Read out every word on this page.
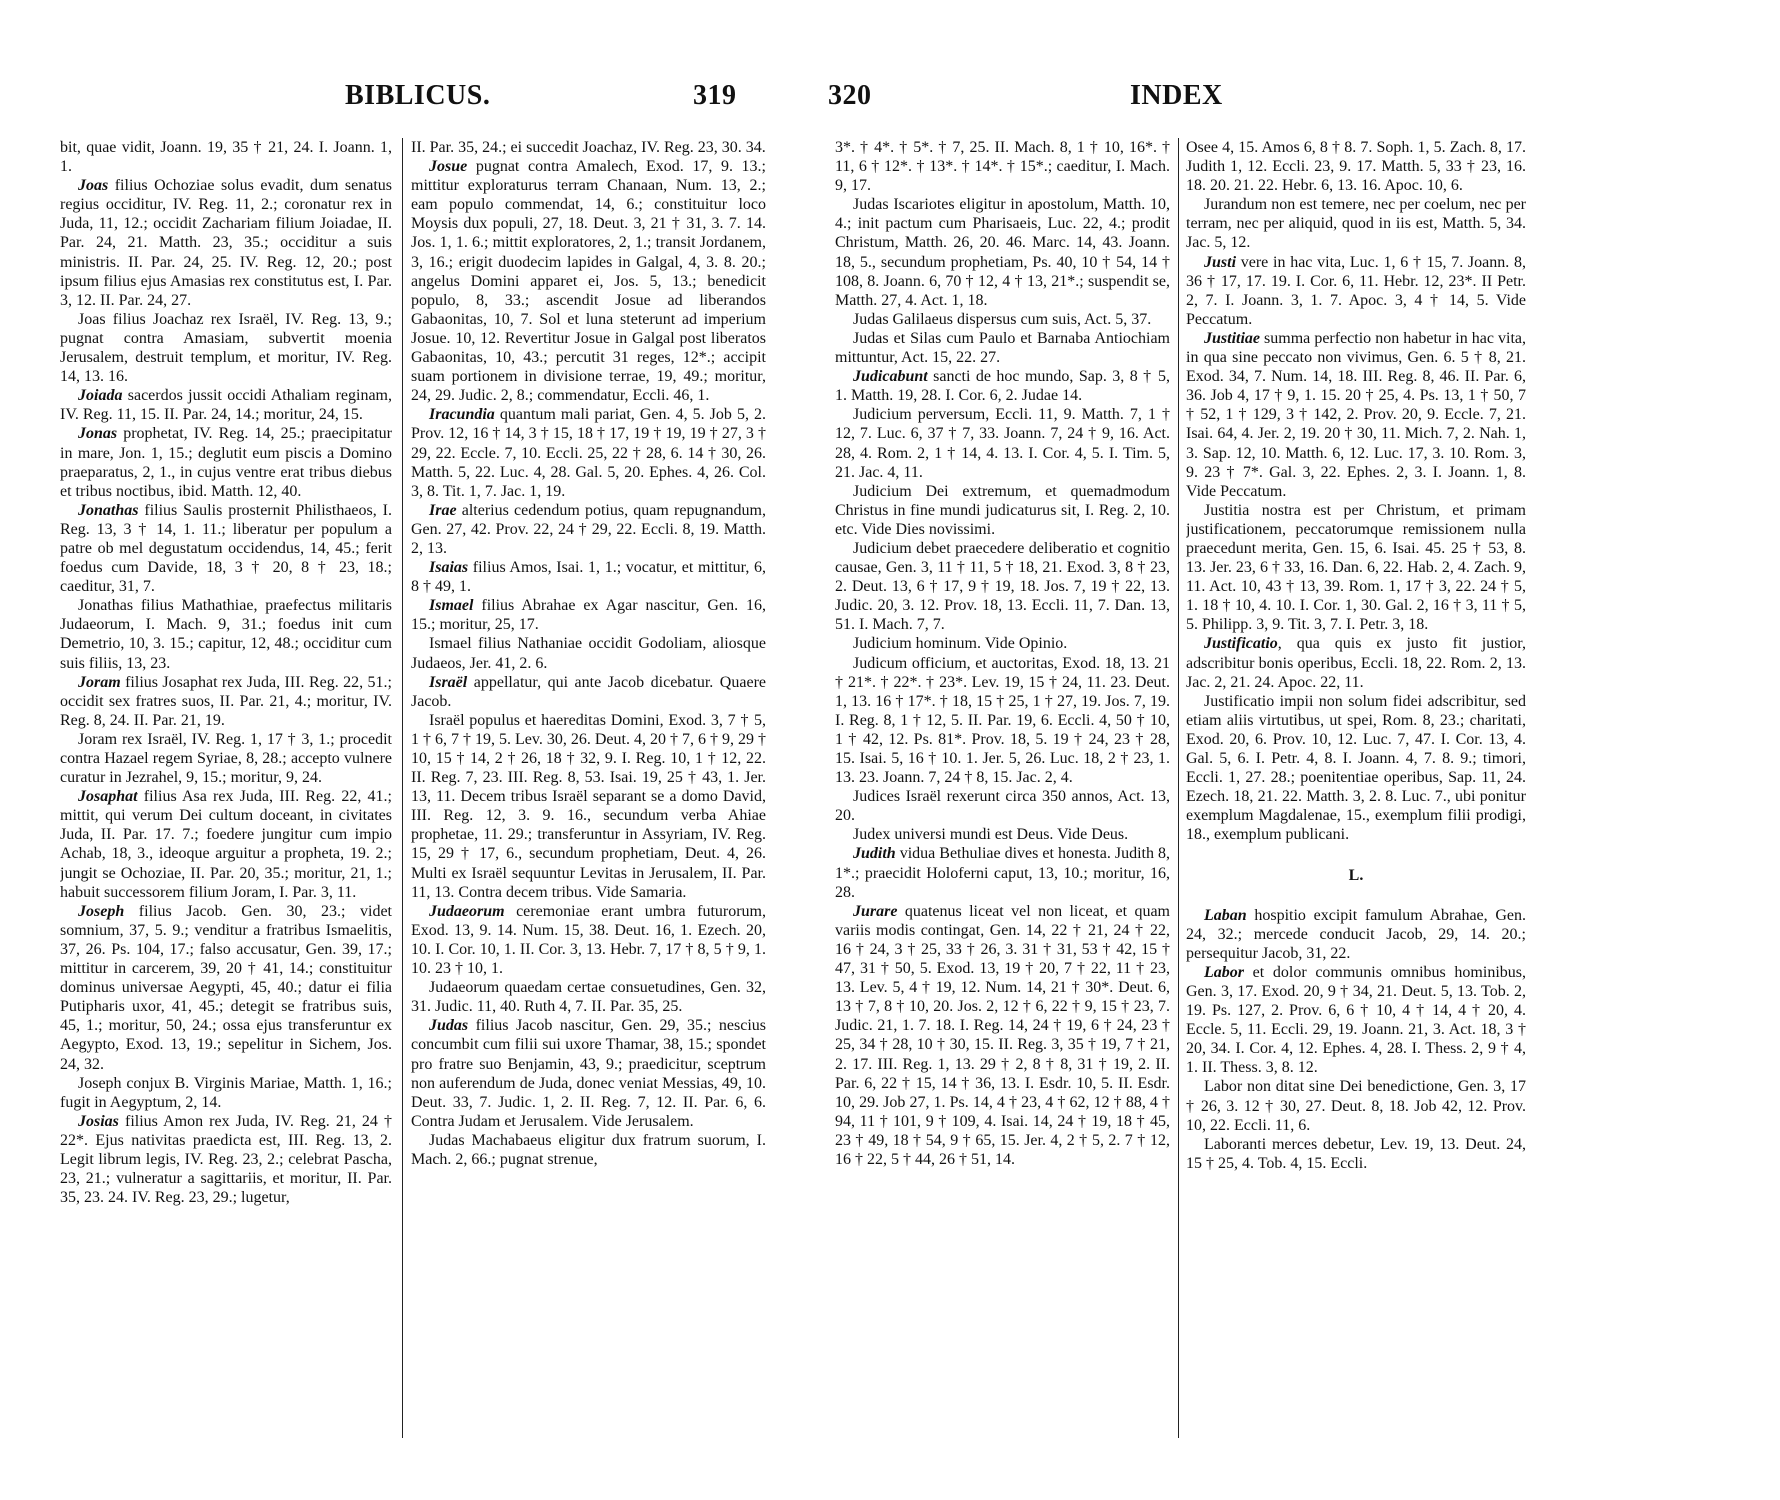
BIBLICUS.	319

bit, quae vidit, Joann. 19, 35 † 21, 24. I. Joann. 1, 1.

Joas filius Ochoziae solus evadit, dum senatus regius occiditur, IV. Reg. 11, 2.; coronatur rex in Juda, 11, 12.; occidit Zachariam filium Joiadae, II. Par. 24, 21. Matth. 23, 35.; occiditur a suis ministris. II. Par. 24, 25. IV. Reg. 12, 20.; post ipsum filius ejus Amasias rex constitutus est, I. Par. 3, 12. II. Par. 24, 27.

Joas filius Joachaz rex Israël, IV. Reg. 13, 9.; pugnat contra Amasiam, subvertit moenia Jerusalem, destruit templum, et moritur, IV. Reg. 14, 13. 16.

Joiada sacerdos jussit occidi Athaliam reginam, IV. Reg. 11, 15. II. Par. 24, 14.; moritur, 24, 15.

Jonas prophetat, IV. Reg. 14, 25.; praecipitatur in mare, Jon. 1, 15.; deglutit eum piscis a Domino praeparatus, 2, 1., in cujus ventre erat tribus diebus et tribus noctibus, ibid. Matth. 12, 40.

Jonathas filius Saulis prosternit Philisthaeos, I. Reg. 13, 3 † 14, 1. 11.; liberatur per populum a patre ob mel degustatum occidendus, 14, 45.; ferit foedus cum Davide, 18, 3 † 20, 8 † 23, 18.; caeditur, 31, 7.

Jonathas filius Mathathiae, praefectus militaris Judaeorum, I. Mach. 9, 31.; foedus init cum Demetrio, 10, 3. 15.; capitur, 12, 48.; occiditur cum suis filiis, 13, 23.

Joram filius Josaphat rex Juda, III. Reg. 22, 51.; occidit sex fratres suos, II. Par. 21, 4.; moritur, IV. Reg. 8, 24. II. Par. 21, 19.

Joram rex Israël, IV. Reg. 1, 17 † 3, 1.; procedit contra Hazael regem Syriae, 8, 28.; accepto vulnere curatur in Jezrahel, 9, 15.; moritur, 9, 24.

Josaphat filius Asa rex Juda, III. Reg. 22, 41.; mittit, qui verum Dei cultum doceant, in civitates Juda, II. Par. 17. 7.; foedere jungitur cum impio Achab, 18, 3., ideoque arguitur a propheta, 19. 2.; jungit se Ochoziae, II. Par. 20, 35.; moritur, 21, 1.; habuit successorem filium Joram, I. Par. 3, 11.

Joseph filius Jacob. Gen. 30, 23.; videt somnium, 37, 5. 9.; venditur a fratribus Ismaelitis, 37, 26. Ps. 104, 17.; falso accusatur, Gen. 39, 17.; mittitur in carcerem, 39, 20 † 41, 14.; constituitur dominus universae Aegypti, 45, 40.; datur ei filia Putipharis uxor, 41, 45.; detegit se fratribus suis, 45, 1.; moritur, 50, 24.; ossa ejus transferuntur ex Aegypto, Exod. 13, 19.; sepelitur in Sichem, Jos. 24, 32.

Joseph conjux B. Virginis Mariae, Matth. 1, 16.; fugit in Aegyptum, 2, 14.

Josias filius Amon rex Juda, IV. Reg. 21, 24 † 22*. Ejus nativitas praedicta est, III. Reg. 13, 2. Legit librum legis, IV. Reg. 23, 2.; celebrat Pascha, 23, 21.; vulneratur a sagittariis, et moritur, II. Par. 35, 23. 24. IV. Reg. 23, 29.; lugetur,

II. Par. 35, 24.; ei succedit Joachaz, IV. Reg. 23, 30. 34.

Josue pugnat contra Amalech, Exod. 17, 9. 13.; mittitur exploraturus terram Chanaan, Num. 13, 2.; eam populo commendat, 14, 6.; constituitur loco Moysis dux populi, 27, 18. Deut. 3, 21 † 31, 3. 7. 14. Jos. 1, 1. 6.; mittit exploratores, 2, 1.; transit Jordanem, 3, 16.; erigit duodecim lapides in Galgal, 4, 3. 8. 20.; angelus Domini apparet ei, Jos. 5, 13.; benedicit populo, 8, 33.; ascendit Josue ad liberandos Gabaonitas, 10, 7. Sol et luna steterunt ad imperium Josue. 10, 12. Revertitur Josue in Galgal post liberatos Gabaonitas, 10, 43.; percutit 31 reges, 12*.; accipit suam portionem in divisione terrae, 19, 49.; moritur, 24, 29. Judic. 2, 8.; commendatur, Eccli. 46, 1.

Iracundia quantum mali pariat, Gen. 4, 5. Job 5, 2. Prov. 12, 16 † 14, 3 † 15, 18 † 17, 19 † 19, 19 † 27, 3 † 29, 22. Eccle. 7, 10. Eccli. 25, 22 † 28, 6. 14 † 30, 26. Matth. 5, 22. Luc. 4, 28. Gal. 5, 20. Ephes. 4, 26. Col. 3, 8. Tit. 1, 7. Jac. 1, 19.

Irae alterius cedendum potius, quam repugnandum, Gen. 27, 42. Prov. 22, 24 † 29, 22. Eccli. 8, 19. Matth. 2, 13.

Isaias filius Amos, Isai. 1, 1.; vocatur, et mittitur, 6, 8 † 49, 1.

Ismael filius Abrahae ex Agar nascitur, Gen. 16, 15.; moritur, 25, 17.

Ismael filius Nathaniae occidit Godoliam, aliosque Judaeos, Jer. 41, 2. 6.

Israël appellatur, qui ante Jacob dicebatur. Quaere Jacob.

Israël populus et haereditas Domini, Exod. 3, 7 † 5, 1 † 6, 7 † 19, 5. Lev. 30, 26. Deut. 4, 20 † 7, 6 † 9, 29 † 10, 15 † 14, 2 † 26, 18 † 32, 9. I. Reg. 10, 1 † 12, 22. II. Reg. 7, 23. III. Reg. 8, 53. Isai. 19, 25 † 43, 1. Jer. 13, 11. Decem tribus Israël separant se a domo David, III. Reg. 12, 3. 9. 16., secundum verba Ahiae prophetae, 11. 29.; transferuntur in Assyriam, IV. Reg. 15, 29 † 17, 6., secundum prophetiam, Deut. 4, 26. Multi ex Israël sequuntur Levitas in Jerusalem, II. Par. 11, 13. Contra decem tribus. Vide Samaria.

Judaeorum ceremoniae erant umbra futurorum, Exod. 13, 9. 14. Num. 15, 38. Deut. 16, 1. Ezech. 20, 10. I. Cor. 10, 1. II. Cor. 3, 13. Hebr. 7, 17 † 8, 5 † 9, 1. 10. 23 † 10, 1.

Judaeorum quaedam certae consuetudines, Gen. 32, 31. Judic. 11, 40. Ruth 4, 7. II. Par. 35, 25.

Judas filius Jacob nascitur, Gen. 29, 35.; nescius concumbit cum filii sui uxore Thamar, 38, 15.; spondet pro fratre suo Benjamin, 43, 9.; praedicitur, sceptrum non auferendum de Juda, donec veniat Messias, 49, 10. Deut. 33, 7. Judic. 1, 2. II. Reg. 7, 12. II. Par. 6, 6. Contra Judam et Jerusalem. Vide Jerusalem.

Judas Machabaeus eligitur dux fratrum suorum, I. Mach. 2, 66.; pugnat strenue,

320	INDEX

3*. † 4*. † 5*. † 7, 25. II. Mach. 8, 1 † 10, 16*. † 11, 6 † 12*. † 13*. † 14*. † 15*.; caeditur, I. Mach. 9, 17.

Judas Iscariotes eligitur in apostolum, Matth. 10, 4.; init pactum cum Pharisaeis, Luc. 22, 4.; prodit Christum, Matth. 26, 20. 46. Marc. 14, 43. Joann. 18, 5., secundum prophetiam, Ps. 40, 10 † 54, 14 † 108, 8. Joann. 6, 70 † 12, 4 † 13, 21*.; suspendit se, Matth. 27, 4. Act. 1, 18.

Judas Galilaeus dispersus cum suis, Act. 5, 37.

Judas et Silas cum Paulo et Barnaba Antiochiam mittuntur, Act. 15, 22. 27.

Judicabunt sancti de hoc mundo, Sap. 3, 8 † 5, 1. Matth. 19, 28. I. Cor. 6, 2. Judae 14.

Judicium perversum, Eccli. 11, 9. Matth. 7, 1 † 12, 7. Luc. 6, 37 † 7, 33. Joann. 7, 24 † 9, 16. Act. 28, 4. Rom. 2, 1 † 14, 4. 13. I. Cor. 4, 5. I. Tim. 5, 21. Jac. 4, 11.

Judicium Dei extremum, et quemadmodum Christus in fine mundi judicaturus sit, I. Reg. 2, 10. etc. Vide Dies novissimi.

Judicium debet praecedere deliberatio et cognitio causae, Gen. 3, 11 † 11, 5 † 18, 21. Exod. 3, 8 † 23, 2. Deut. 13, 6 † 17, 9 † 19, 18. Jos. 7, 19 † 22, 13. Judic. 20, 3. 12. Prov. 18, 13. Eccli. 11, 7. Dan. 13, 51. I. Mach. 7, 7.

Judicium hominum. Vide Opinio.

Judicum officium, et auctoritas, Exod. 18, 13. 21 † 21*. † 22*. † 23*. Lev. 19, 15 † 24, 11. 23. Deut. 1, 13. 16 † 17*. † 18, 15 † 25, 1 † 27, 19. Jos. 7, 19. I. Reg. 8, 1 † 12, 5. II. Par. 19, 6. Eccli. 4, 50 † 10, 1 † 42, 12. Ps. 81*. Prov. 18, 5. 19 † 24, 23 † 28, 15. Isai. 5, 16 † 10. 1. Jer. 5, 26. Luc. 18, 2 † 23, 1. 13. 23. Joann. 7, 24 † 8, 15. Jac. 2, 4.

Judices Israël rexerunt circa 350 annos, Act. 13, 20.

Judex universi mundi est Deus. Vide Deus.

Judith vidua Bethuliae dives et honesta. Judith 8, 1*.; praecidit Holoferni caput, 13, 10.; moritur, 16, 28.

Jurare quatenus liceat vel non liceat, et quam variis modis contingat, Gen. 14, 22 † 21, 24 † 22, 16 † 24, 3 † 25, 33 † 26, 3. 31 † 31, 53 † 42, 15 † 47, 31 † 50, 5. Exod. 13, 19 † 20, 7 † 22, 11 † 23, 13. Lev. 5, 4 † 19, 12. Num. 14, 21 † 30*. Deut. 6, 13 † 7, 8 † 10, 20. Jos. 2, 12 † 6, 22 † 9, 15 † 23, 7. Judic. 21, 1. 7. 18. I. Reg. 14, 24 † 19, 6 † 24, 23 † 25, 34 † 28, 10 † 30, 15. II. Reg. 3, 35 † 19, 7 † 21, 2. 17. III. Reg. 1, 13. 29 † 2, 8 † 8, 31 † 19, 2. II. Par. 6, 22 † 15, 14 † 36, 13. I. Esdr. 10, 5. II. Esdr. 10, 29. Job 27, 1. Ps. 14, 4 † 23, 4 † 62, 12 † 88, 4 † 94, 11 † 101, 9 † 109, 4. Isai. 14, 24 † 19, 18 † 45, 23 † 49, 18 † 54, 9 † 65, 15. Jer. 4, 2 † 5, 2. 7 † 12, 16 † 22, 5 † 44, 26 † 51, 14.

Osee 4, 15. Amos 6, 8 † 8. 7. Soph. 1, 5. Zach. 8, 17. Judith 1, 12. Eccli. 23, 9. 17. Matth. 5, 33 † 23, 16. 18. 20. 21. 22. Hebr. 6, 13. 16. Apoc. 10, 6.

Jurandum non est temere, nec per coelum, nec per terram, nec per aliquid, quod in iis est, Matth. 5, 34. Jac. 5, 12.

Justi vere in hac vita, Luc. 1, 6 † 15, 7. Joann. 8, 36 † 17, 17. 19. I. Cor. 6, 11. Hebr. 12, 23*. II Petr. 2, 7. I. Joann. 3, 1. 7. Apoc. 3, 4 † 14, 5. Vide Peccatum.

Justitiae summa perfectio non habetur in hac vita, in qua sine peccato non vivimus, Gen. 6. 5 † 8, 21. Exod. 34, 7. Num. 14, 18. III. Reg. 8, 46. II. Par. 6, 36. Job 4, 17 † 9, 1. 15. 20 † 25, 4. Ps. 13, 1 † 50, 7 † 52, 1 † 129, 3 † 142, 2. Prov. 20, 9. Eccle. 7, 21. Isai. 64, 4. Jer. 2, 19. 20 † 30, 11. Mich. 7, 2. Nah. 1, 3. Sap. 12, 10. Matth. 6, 12. Luc. 17, 3. 10. Rom. 3, 9. 23 † 7*. Gal. 3, 22. Ephes. 2, 3. I. Joann. 1, 8. Vide Peccatum.

Justitia nostra est per Christum, et primam justificationem, peccatorumque remissionem nulla praecedunt merita, Gen. 15, 6. Isai. 45. 25 † 53, 8. 13. Jer. 23, 6 † 33, 16. Dan. 6, 22. Hab. 2, 4. Zach. 9, 11. Act. 10, 43 † 13, 39. Rom. 1, 17 † 3, 22. 24 † 5, 1. 18 † 10, 4. 10. I. Cor. 1, 30. Gal. 2, 16 † 3, 11 † 5, 5. Philipp. 3, 9. Tit. 3, 7. I. Petr. 3, 18.

Justificatio, qua quis ex justo fit justior, adscribitur bonis operibus, Eccli. 18, 22. Rom. 2, 13. Jac. 2, 21. 24. Apoc. 22, 11.

Justificatio impii non solum fidei adscribitur, sed etiam aliis virtutibus, ut spei, Rom. 8, 23.; charitati, Exod. 20, 6. Prov. 10, 12. Luc. 7, 47. I. Cor. 13, 4. Gal. 5, 6. I. Petr. 4, 8. I. Joann. 4, 7. 8. 9.; timori, Eccli. 1, 27. 28.; poenitentiae operibus, Sap. 11, 24. Ezech. 18, 21. 22. Matth. 3, 2. 8. Luc. 7., ubi ponitur exemplum Magdalenae, 15., exemplum filii prodigi, 18., exemplum publicani.

L.

Laban hospitio excipit famulum Abrahae, Gen. 24, 32.; mercede conducit Jacob, 29, 14. 20.; persequitur Jacob, 31, 22.

Labor et dolor communis omnibus hominibus, Gen. 3, 17. Exod. 20, 9 † 34, 21. Deut. 5, 13. Tob. 2, 19. Ps. 127, 2. Prov. 6, 6 † 10, 4 † 14, 4 † 20, 4. Eccle. 5, 11. Eccli. 29, 19. Joann. 21, 3. Act. 18, 3 † 20, 34. I. Cor. 4, 12. Ephes. 4, 28. I. Thess. 2, 9 † 4, 1. II. Thess. 3, 8. 12.

Labor non ditat sine Dei benedictione, Gen. 3, 17 † 26, 3. 12 † 30, 27. Deut. 8, 18. Job 42, 12. Prov. 10, 22. Eccli. 11, 6.

Laboranti merces debetur, Lev. 19, 13. Deut. 24, 15 † 25, 4. Tob. 4, 15. Eccli.
